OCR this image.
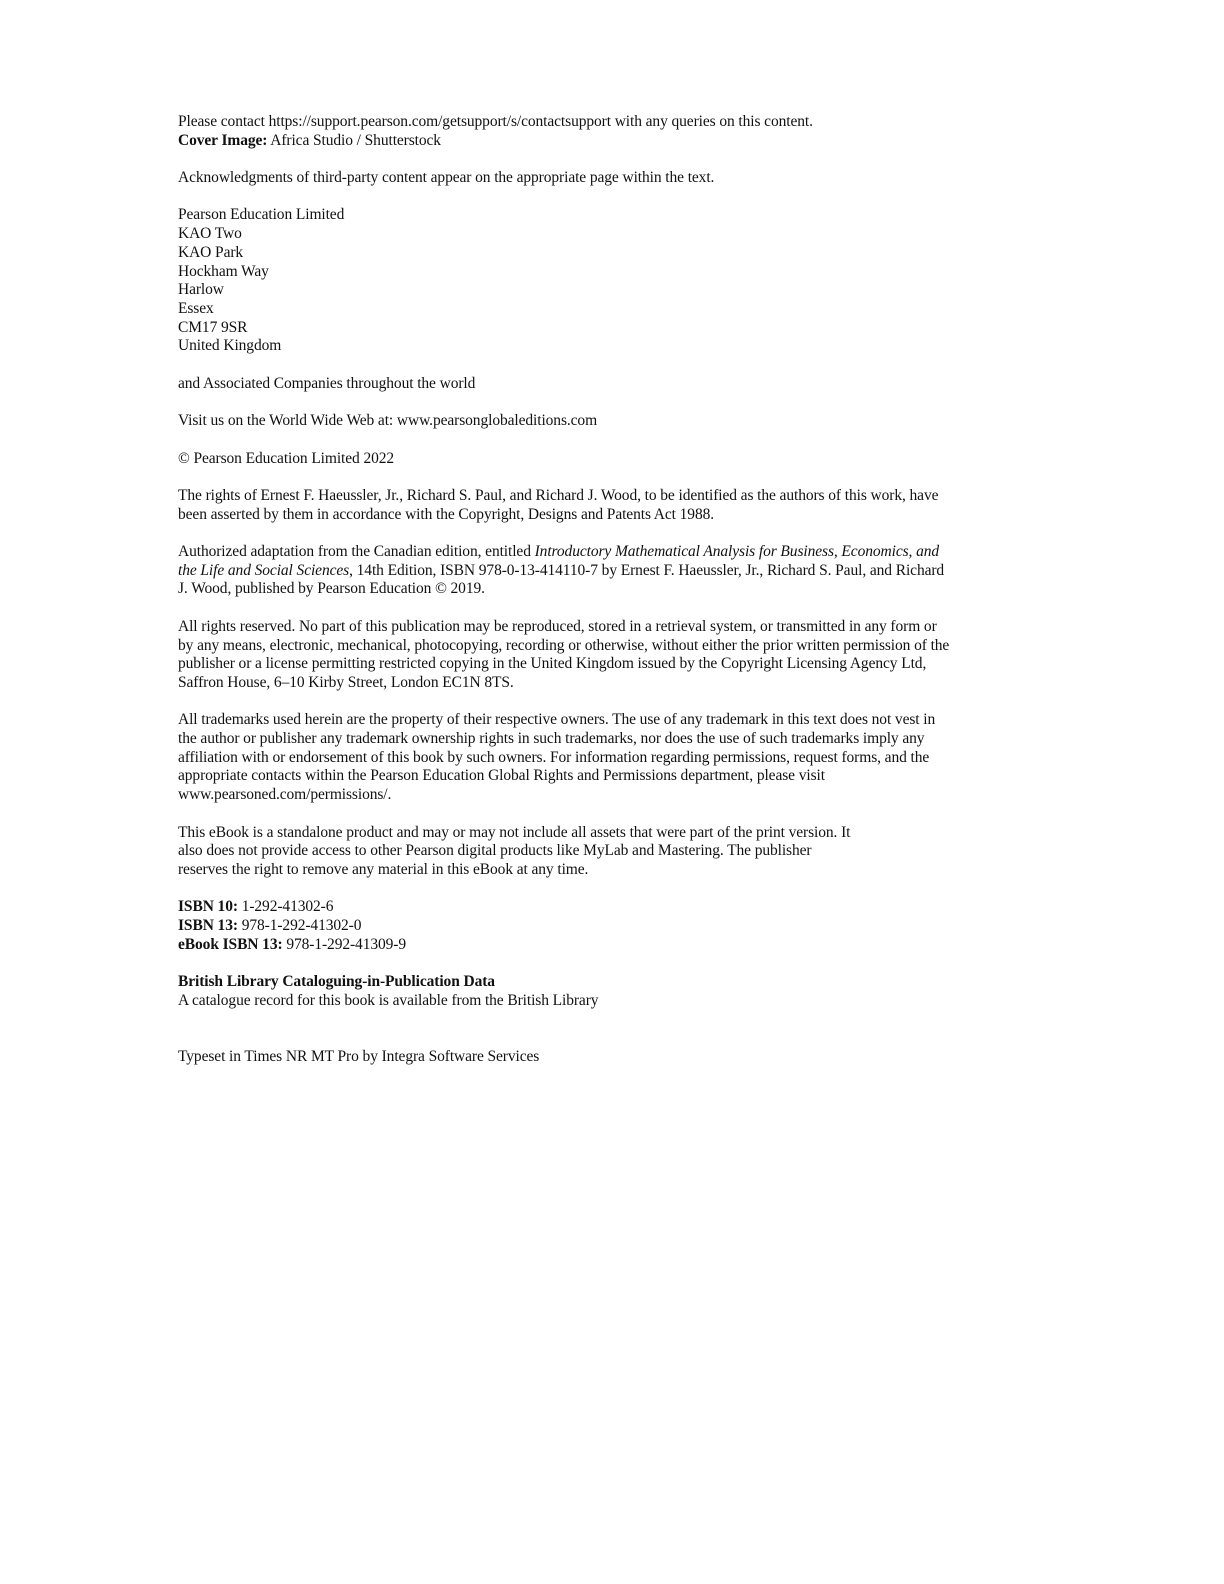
Please contact https://support.pearson.com/getsupport/s/contactsupport with any queries on this content.
Cover Image: Africa Studio / Shutterstock
Acknowledgments of third-party content appear on the appropriate page within the text.
Pearson Education Limited
KAO Two
KAO Park
Hockham Way
Harlow
Essex
CM17 9SR
United Kingdom
and Associated Companies throughout the world
Visit us on the World Wide Web at: www.pearsonglobaleditions.com
© Pearson Education Limited 2022
The rights of Ernest F. Haeussler, Jr., Richard S. Paul, and Richard J. Wood, to be identified as the authors of this work, have
been asserted by them in accordance with the Copyright, Designs and Patents Act 1988.
Authorized adaptation from the Canadian edition, entitled Introductory Mathematical Analysis for Business, Economics, and
the Life and Social Sciences, 14th Edition, ISBN 978-0-13-414110-7 by Ernest F. Haeussler, Jr., Richard S. Paul, and Richard
J. Wood, published by Pearson Education © 2019.
All rights reserved. No part of this publication may be reproduced, stored in a retrieval system, or transmitted in any form or
by any means, electronic, mechanical, photocopying, recording or otherwise, without either the prior written permission of the
publisher or a license permitting restricted copying in the United Kingdom issued by the Copyright Licensing Agency Ltd,
Saffron House, 6–10 Kirby Street, London EC1N 8TS.
All trademarks used herein are the property of their respective owners. The use of any trademark in this text does not vest in
the author or publisher any trademark ownership rights in such trademarks, nor does the use of such trademarks imply any
affiliation with or endorsement of this book by such owners. For information regarding permissions, request forms, and the
appropriate contacts within the Pearson Education Global Rights and Permissions department, please visit
www.pearsoned.com/permissions/.
This eBook is a standalone product and may or may not include all assets that were part of the print version. It
also does not provide access to other Pearson digital products like MyLab and Mastering. The publisher
reserves the right to remove any material in this eBook at any time.
ISBN 10: 1-292-41302-6
ISBN 13: 978-1-292-41302-0
eBook ISBN 13: 978-1-292-41309-9
British Library Cataloguing-in-Publication Data
A catalogue record for this book is available from the British Library
Typeset in Times NR MT Pro by Integra Software Services
